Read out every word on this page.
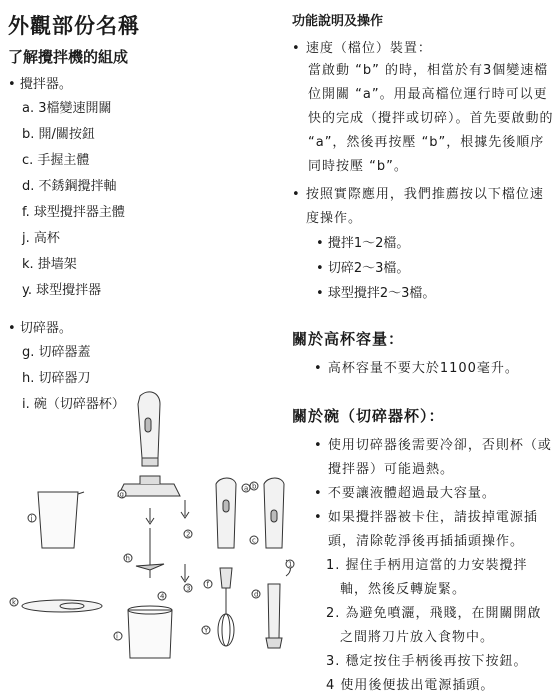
外觀部份名稱
了解攪拌機的組成
• 攪拌器。
a. 3檔變速開關
b. 開/關按鈕
c. 手握主體
d. 不銹鋼攪拌軸
f. 球型攪拌器主體
j. 高杯
k. 掛墙架
y. 球型攪拌器
• 切碎器。
g. 切碎器蓋
h. 切碎器刀
i. 碗（切碎器杯）
功能說明及操作
• 速度（檔位）裝置：
當啟動 “b” 的時，相當於有3個變速檔位開關 “a”。用最高檔位運行時可以更快的完成（攪拌或切碎）。首先要啟動的 “a”，然後再按壓 “b”，根據先後順序同時按壓 “b”。
• 按照實際應用，我們推薦按以下檔位速度操作。
• 攪拌1～2檔。
• 切碎2～3檔。
• 球型攪拌2～3檔。
關於高杯容量：
• 高杯容量不要大於1100毫升。
關於碗（切碎器杯）：
• 使用切碎器後需要冷卻，否則杯（或攪拌器）可能過熱。
• 不要讓液體超過最大容量。
• 如果攪拌器被卡住，請拔掉電源插頭，清除乾淨後再插插頭操作。
1. 握住手柄用這當的力安裝攪拌軸，然後反轉旋緊。
2. 為避免噴灑，飛賤，在開關開啟之間將刀片放入食物中。
3. 穩定按住手柄後再按下按鈕。
4 使用後便拔出電源插頭。
g
h
i
2
3
4
j
k
a
f
Y
b
c
1
d
